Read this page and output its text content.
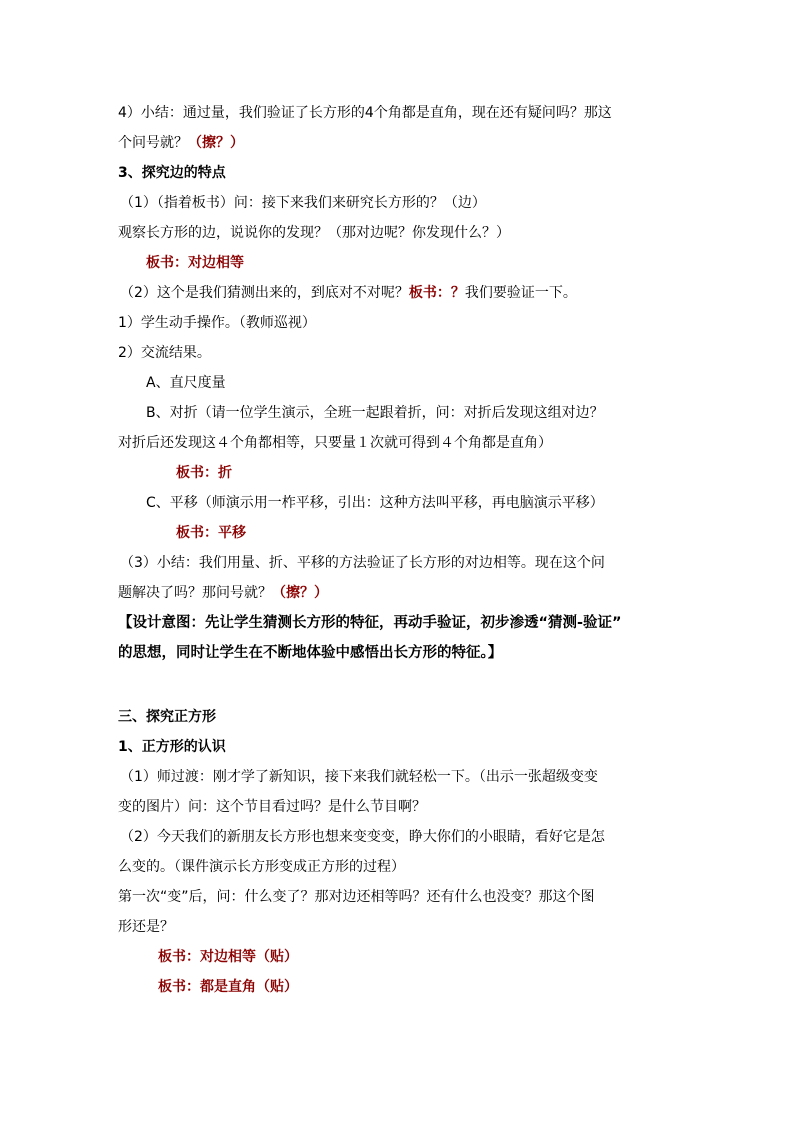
4）小结：通过量，我们验证了长方形的4个角都是直角，现在还有疑问吗？那这
个问号就？（擦？）
3、探究边的特点
（1）（指着板书）问：接下来我们来研究长方形的？（边）
观察长方形的边，说说你的发现？（那对边呢？你发现什么？）
板书：对边相等
（2）这个是我们猜测出来的，到底对不对呢？板书：？我们要验证一下。
1）学生动手操作。（教师巡视）
2）交流结果。
A、直尺度量
B、对折（请一位学生演示，全班一起跟着折，问：对折后发现这组对边？
对折后还发现这４个角都相等，只要量１次就可得到４个角都是直角）
板书：折
C、平移（师演示用一柞平移，引出：这种方法叫平移，再电脑演示平移）
板书：平移
（3）小结：我们用量、折、平移的方法验证了长方形的对边相等。现在这个问
题解决了吗？那问号就？（擦？）
【设计意图：先让学生猜测长方形的特征，再动手验证，初步渗透“猜测-验证”
的思想，同时让学生在不断地体验中感悟出长方形的特征。】
三、探究正方形
1、正方形的认识
（1）师过渡：刚才学了新知识，接下来我们就轻松一下。（出示一张超级变变
变的图片）问：这个节目看过吗？是什么节目啊？
（2）今天我们的新朋友长方形也想来变变变，睁大你们的小眼睛，看好它是怎
么变的。（课件演示长方形变成正方形的过程）
第一次“变”后，问：什么变了？那对边还相等吗？还有什么也没变？那这个图
形还是？
板书：对边相等（贴）
板书：都是直角（贴）
